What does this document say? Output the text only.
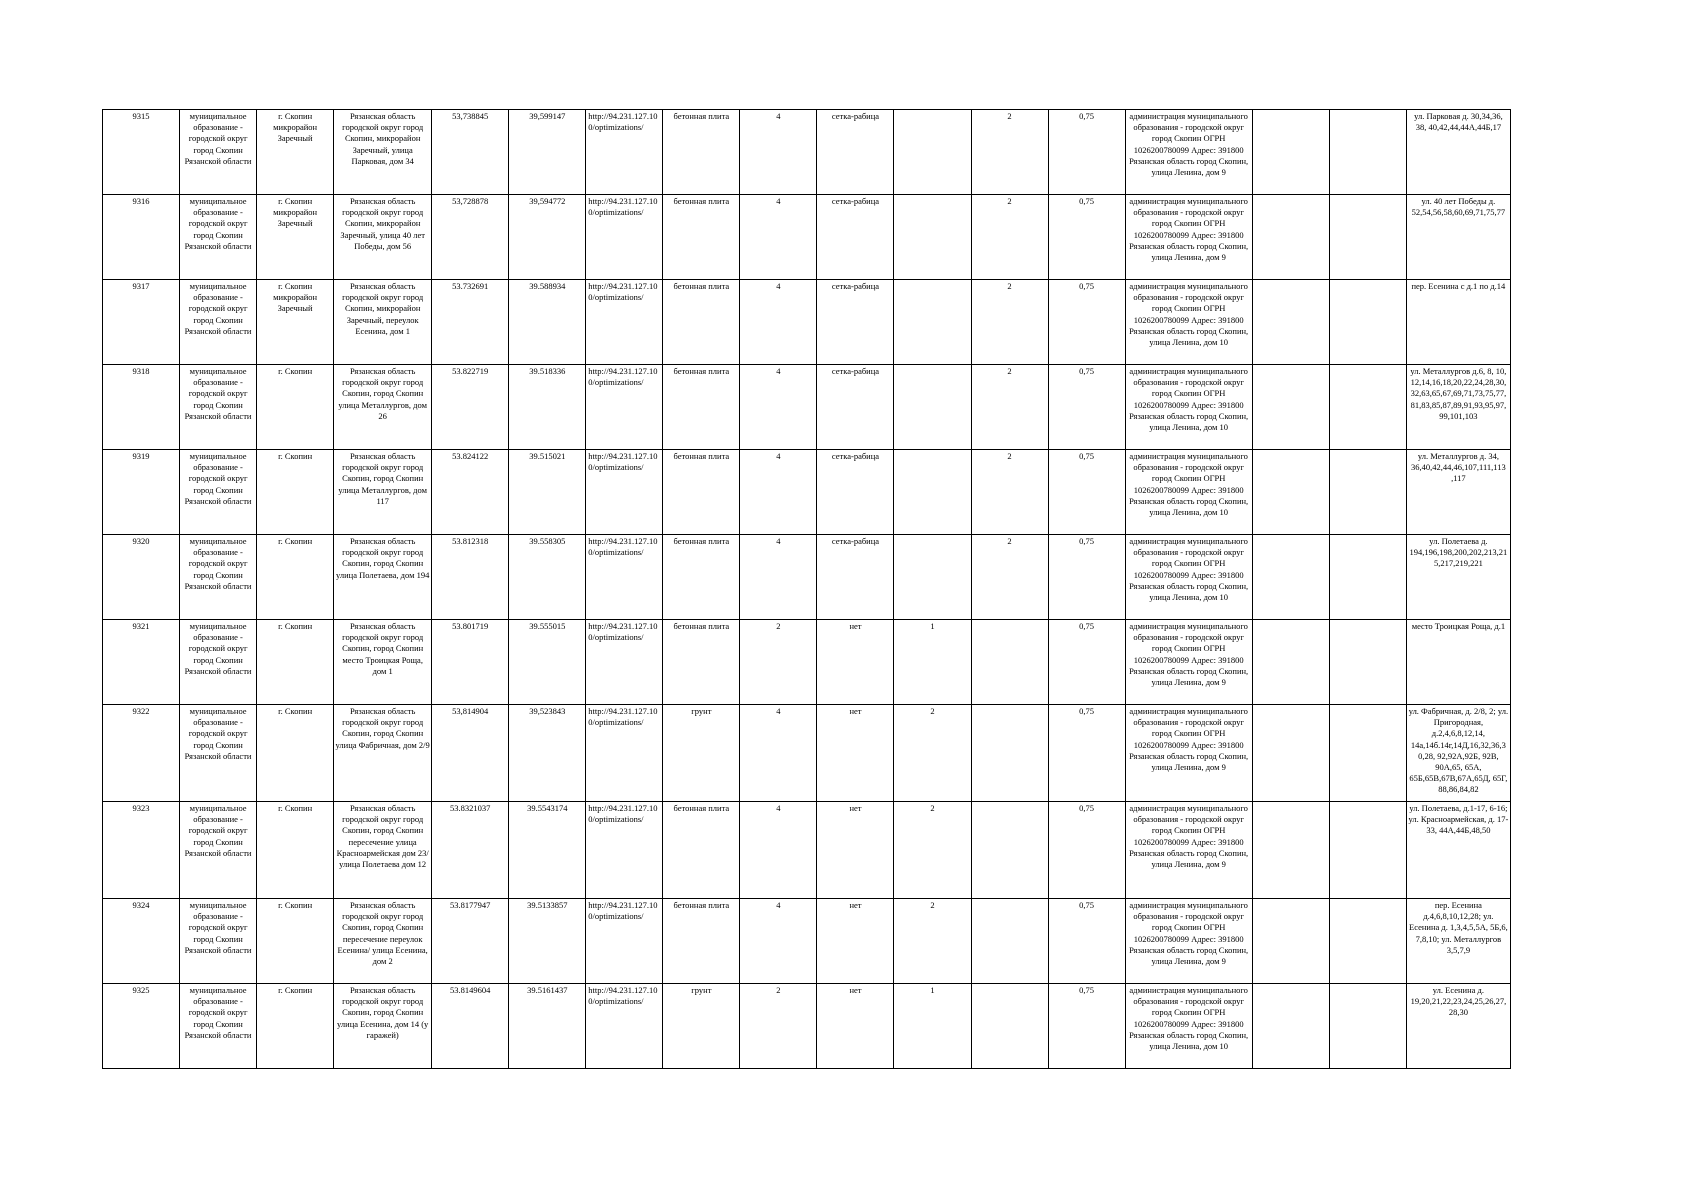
9315	муниципальное образование - городской округ город Скопин Рязанской области	г. Скопин микрорайон Заречный	Рязанская область городской округ город Скопин, микрорайон Заречный, улица Парковая, дом 34	53,738845	39,599147	http://94.231.127.10 0/optimizations/	бетонная плита	4	сетка-рабица		2	0,75	администрация муниципального образования - городской округ город Скопин ОГРН 1026200780099 Адрес: 391800 Рязанская область город Скопин, улица Ленина, дом 9			ул. Парковая д. 30,34,36, 38, 40,42,44,44А,44Б,17
9316	муниципальное образование - городской округ город Скопин Рязанской области	г. Скопин микрорайон Заречный	Рязанская область городской округ город Скопин, микрорайон Заречный, улица 40 лет Победы, дом 56	53,728878	39,594772	http://94.231.127.10 0/optimizations/	бетонная плита	4	сетка-рабица		2	0,75	администрация муниципального образования - городской округ город Скопин ОГРН 1026200780099 Адрес: 391800 Рязанская область город Скопин, улица Ленина, дом 9			ул. 40 лет Победы д. 52,54,56,58,60,69,71,75,77
9317	муниципальное образование - городской округ город Скопин Рязанской области	г. Скопин микрорайон Заречный	Рязанская область городской округ город Скопин, микрорайон Заречный, переулок Есенина, дом 1	53.732691	39.588934	http://94.231.127.10 0/optimizations/	бетонная плита	4	сетка-рабица		2	0,75	администрация муниципального образования - городской округ город Скопин ОГРН 1026200780099 Адрес: 391800 Рязанская область город Скопин, улица Ленина, дом 10			пер. Есенина с д.1 по д.14
9318	муниципальное образование - городской округ город Скопин Рязанской области	г. Скопин	Рязанская область городской округ город Скопин, город Скопин улица Металлургов, дом 26	53.822719	39.518336	http://94.231.127.10 0/optimizations/	бетонная плита	4	сетка-рабица		2	0,75	администрация муниципального образования - городской округ город Скопин ОГРН 1026200780099 Адрес: 391800 Рязанская область город Скопин, улица Ленина, дом 10			ул. Металлургов д.6, 8, 10, 12,14,16,18,20,22,24,28,30, 32,63,65,67,69,71,73,75,77, 81,83,85,87,89,91,93,95,97, 99,101,103
9319	муниципальное образование - городской округ город Скопин Рязанской области	г. Скопин	Рязанская область городской округ город Скопин, город Скопин улица Металлургов, дом 117	53.824122	39.515021	http://94.231.127.10 0/optimizations/	бетонная плита	4	сетка-рабица		2	0,75	администрация муниципального образования - городской округ город Скопин ОГРН 1026200780099 Адрес: 391800 Рязанская область город Скопин, улица Ленина, дом 10			ул. Металлургов д. 34, 36,40,42,44,46,107,111,113 ,117
9320	муниципальное образование - городской округ город Скопин Рязанской области	г. Скопин	Рязанская область городской округ город Скопин, город Скопин улица Полетаева, дом 194	53.812318	39.558305	http://94.231.127.10 0/optimizations/	бетонная плита	4	сетка-рабица		2	0,75	администрация муниципального образования - городской округ город Скопин ОГРН 1026200780099 Адрес: 391800 Рязанская область город Скопин, улица Ленина, дом 10			ул. Полетаева д. 194,196,198,200,202,213,21 5,217,219,221
9321	муниципальное образование - городской округ город Скопин Рязанской области	г. Скопин	Рязанская область городской округ город Скопин, город Скопин место Троицкая Роща, дом 1	53.801719	39.555015	http://94.231.127.10 0/optimizations/	бетонная плита	2	нет	1		0,75	администрация муниципального образования - городской округ город Скопин ОГРН 1026200780099 Адрес: 391800 Рязанская область город Скопин, улица Ленина, дом 9			место Троицкая Роща, д.1
9322	муниципальное образование - городской округ город Скопин Рязанской области	г. Скопин	Рязанская область городской округ город Скопин, город Скопин улица Фабричная, дом 2/9	53,814904	39,523843	http://94.231.127.10 0/optimizations/	грунт	4	нет	2		0,75	администрация муниципального образования - городской округ город Скопин ОГРН 1026200780099 Адрес: 391800 Рязанская область город Скопин, улица Ленина, дом 9			ул. Фабричная, д. 2/8, 2; ул. Пригородная, д.2,4,6,8,12,14, 14а,14б.14г,14Д,16,32,36,3 0,28, 92,92А,92Б, 92В, 90А,65, 65А, 65Б,65В,67В,67А,65Д, 65Г, 88,86,84,82
9323	муниципальное образование - городской округ город Скопин Рязанской области	г. Скопин	Рязанская область городской округ город Скопин, город Скопин пересечение улица Красноармейская дом 23/улица Полетаева дом 12	53.8321037	39.5543174	http://94.231.127.10 0/optimizations/	бетонная плита	4	нет	2		0,75	администрация муниципального образования - городской округ город Скопин ОГРН 1026200780099 Адрес: 391800 Рязанская область город Скопин, улица Ленина, дом 9			ул. Полетаева, д.1-17, 6-16; ул. Красноармейская, д. 17-33, 44А,44Б,48,50
9324	муниципальное образование - городской округ город Скопин Рязанской области	г. Скопин	Рязанская область городской округ город Скопин, город Скопин пересечение переулок Есенина/ улица Есенина, дом 2	53.8177947	39.5133857	http://94.231.127.10 0/optimizations/	бетонная плита	4	нет	2		0,75	администрация муниципального образования - городской округ город Скопин ОГРН 1026200780099 Адрес: 391800 Рязанская область город Скопин, улица Ленина, дом 9			пер. Есенина д.4,6,8,10,12,28; ул. Есенина д. 1,3,4,5,5А, 5Б,6, 7,8,10; ул. Металлургов 3,5,7,9
9325	муниципальное образование - городской округ город Скопин Рязанской области	г. Скопин	Рязанская область городской округ город Скопин, город Скопин улица Есенина, дом 14 (у гаражей)	53.8149604	39.5161437	http://94.231.127.10 0/optimizations/	грунт	2	нет	1		0,75	администрация муниципального образования - городской округ город Скопин ОГРН 1026200780099 Адрес: 391800 Рязанская область город Скопин, улица Ленина, дом 10			ул. Есенина д. 19,20,21,22,23,24,25,26,27, 28,30
